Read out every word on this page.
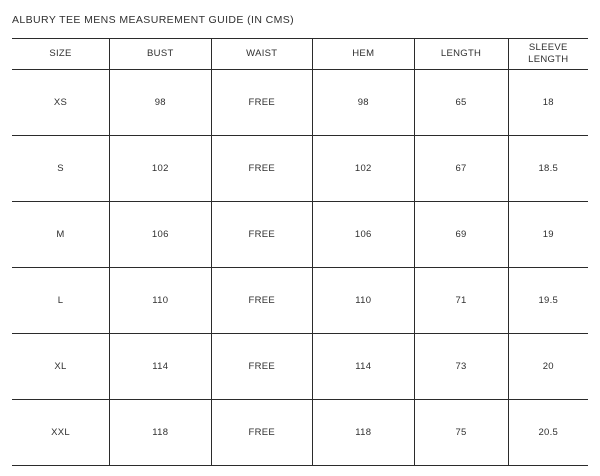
ALBURY TEE MENS MEASUREMENT GUIDE (IN CMS)
SIZE	BUST	WAIST	HEM	LENGTH	SLEEVE LENGTH
XS	98	FREE	98	65	18
S	102	FREE	102	67	18.5
M	106	FREE	106	69	19
L	110	FREE	110	71	19.5
XL	114	FREE	114	73	20
XXL	118	FREE	118	75	20.5
